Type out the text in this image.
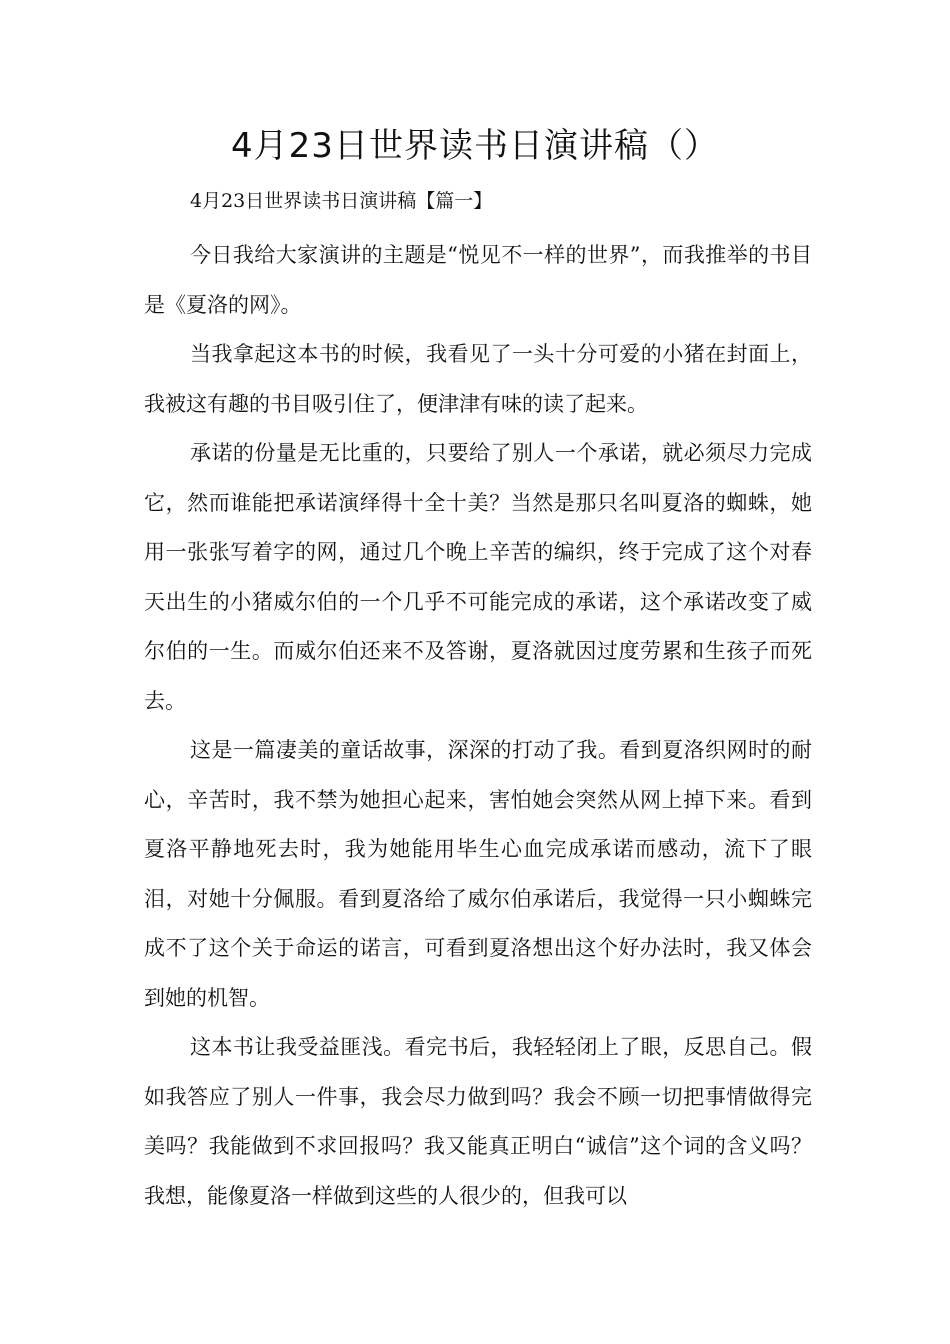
4月23日世界读书日演讲稿（）

4月23日世界读书日演讲稿【篇一】

今日我给大家演讲的主题是“悦见不一样的世界”，而我推举的书目是《夏洛的网》。

当我拿起这本书的时候，我看见了一头十分可爱的小猪在封面上，我被这有趣的书目吸引住了，便津津有味的读了起来。

承诺的份量是无比重的，只要给了别人一个承诺，就必须尽力完成它，然而谁能把承诺演绎得十全十美？当然是那只名叫夏洛的蜘蛛，她用一张张写着字的网，通过几个晚上辛苦的编织，终于完成了这个对春天出生的小猪威尔伯的一个几乎不可能完成的承诺，这个承诺改变了威尔伯的一生。而威尔伯还来不及答谢，夏洛就因过度劳累和生孩子而死去。

这是一篇凄美的童话故事，深深的打动了我。看到夏洛织网时的耐心，辛苦时，我不禁为她担心起来，害怕她会突然从网上掉下来。看到夏洛平静地死去时，我为她能用毕生心血完成承诺而感动，流下了眼泪，对她十分佩服。看到夏洛给了威尔伯承诺后，我觉得一只小蜘蛛完成不了这个关于命运的诺言，可看到夏洛想出这个好办法时，我又体会到她的机智。

这本书让我受益匪浅。看完书后，我轻轻闭上了眼，反思自己。假如我答应了别人一件事，我会尽力做到吗？我会不顾一切把事情做得完美吗？我能做到不求回报吗？我又能真正明白“诚信”这个词的含义吗？我想，能像夏洛一样做到这些的人很少的，但我可以
